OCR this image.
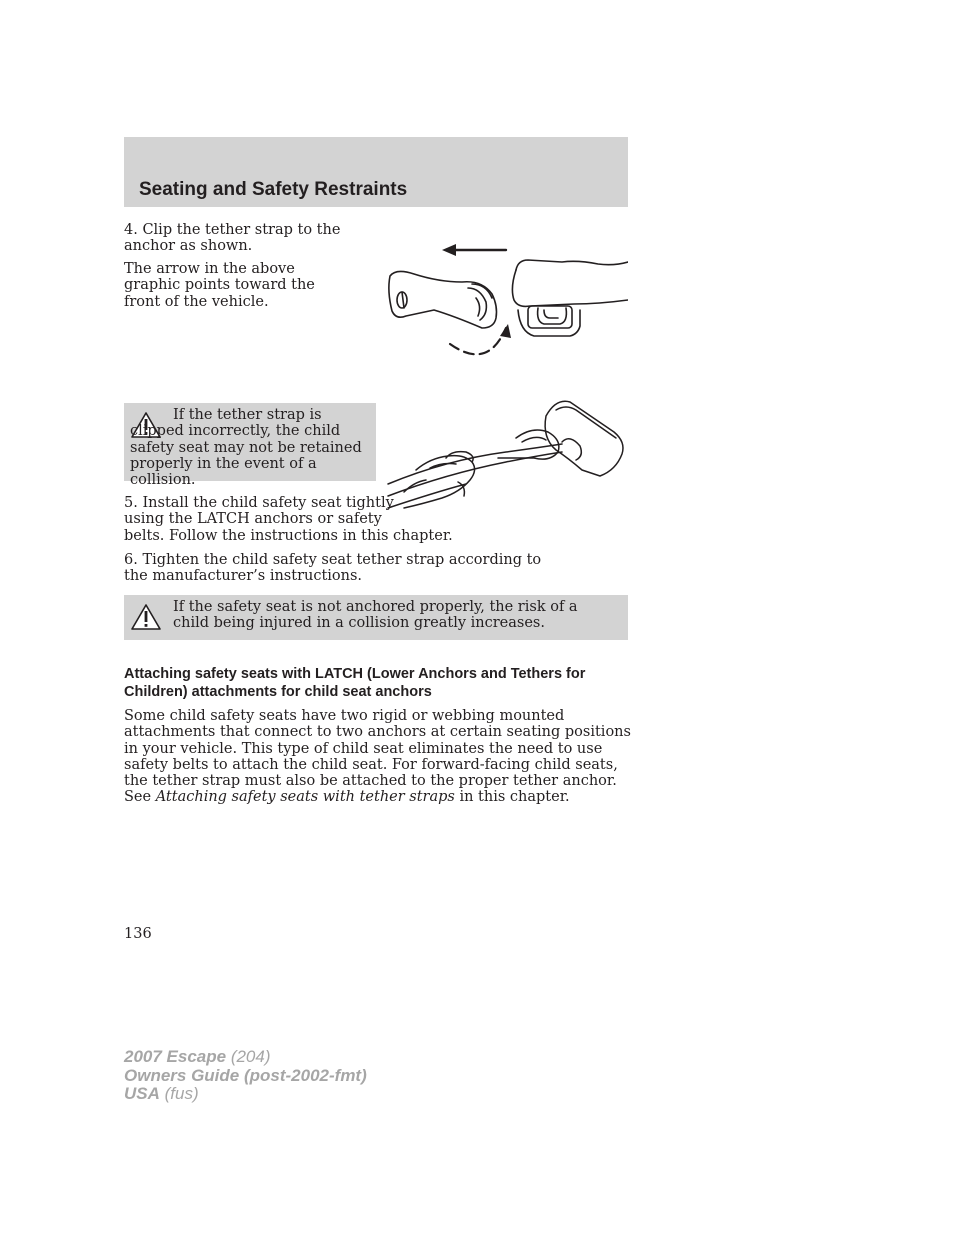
Seating and Safety Restraints

4. Clip the tether strap to the anchor as shown.

The arrow in the above graphic points toward the front of the vehicle.

If the tether strap is clipped incorrectly, the child safety seat may not be retained properly in the event of a collision.

5. Install the child safety seat tightly

using the LATCH anchors or safety

belts. Follow the instructions in this chapter.

6. Tighten the child safety seat tether strap according to the manufacturer’s instructions.

If the safety seat is not anchored properly, the risk of a child being injured in a collision greatly increases.

Attaching safety seats with LATCH (Lower Anchors and Tethers for Children) attachments for child seat anchors

Some child safety seats have two rigid or webbing mounted attachments that connect to two anchors at certain seating positions in your vehicle. This type of child seat eliminates the need to use safety belts to attach the child seat. For forward-facing child seats, the tether strap must also be attached to the proper tether anchor. See Attaching safety seats with tether straps in this chapter.

136
2007 Escape (204)
Owners Guide (post-2002-fmt)
USA (fus)
